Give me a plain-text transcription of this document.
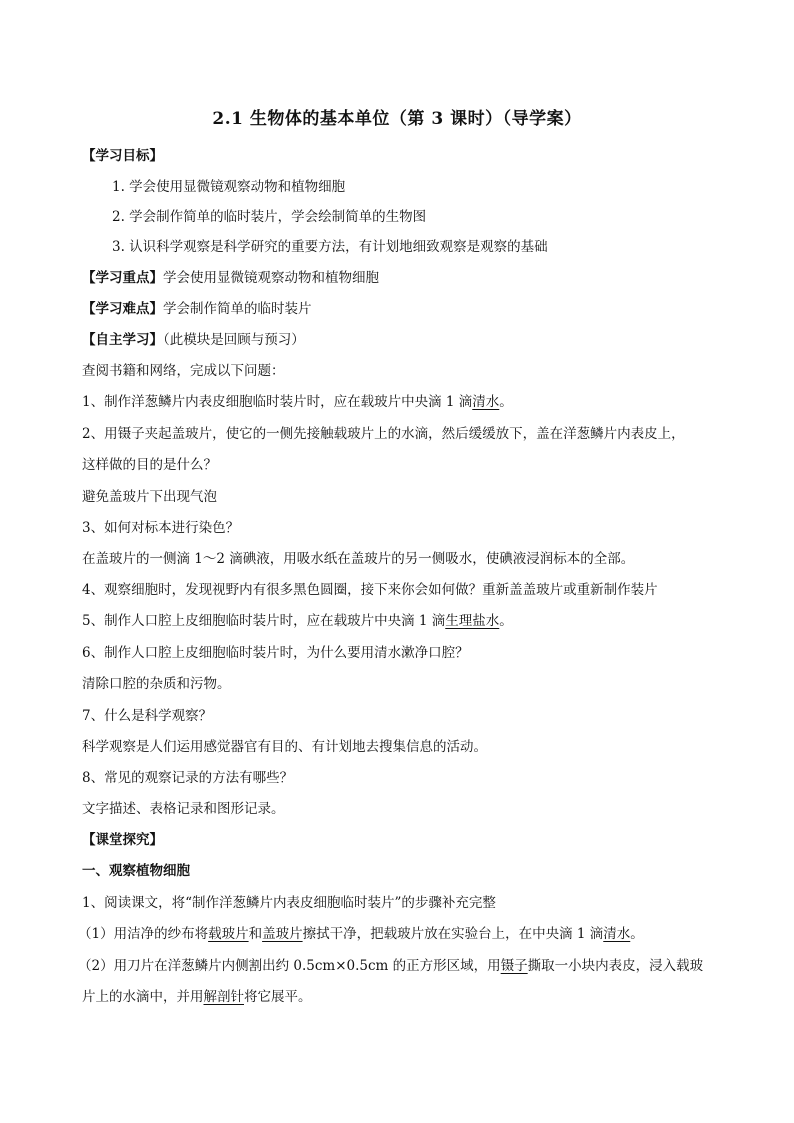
2.1 生物体的基本单位（第 3 课时）（导学案）
【学习目标】
1. 学会使用显微镜观察动物和植物细胞
2. 学会制作简单的临时装片，学会绘制简单的生物图
3. 认识科学观察是科学研究的重要方法，有计划地细致观察是观察的基础
【学习重点】学会使用显微镜观察动物和植物细胞
【学习难点】学会制作简单的临时装片
【自主学习】（此模块是回顾与预习）
查阅书籍和网络，完成以下问题：
1、制作洋葱鳞片内表皮细胞临时装片时，应在载玻片中央滴 1 滴清水。
2、用镊子夹起盖玻片，使它的一侧先接触载玻片上的水滴，然后缓缓放下，盖在洋葱鳞片内表皮上，
这样做的目的是什么？
避免盖玻片下出现气泡
3、如何对标本进行染色？
在盖玻片的一侧滴 1～2 滴碘液，用吸水纸在盖玻片的另一侧吸水，使碘液浸润标本的全部。
4、观察细胞时，发现视野内有很多黑色圆圈，接下来你会如何做？重新盖盖玻片或重新制作装片
5、制作人口腔上皮细胞临时装片时，应在载玻片中央滴 1 滴生理盐水。
6、制作人口腔上皮细胞临时装片时，为什么要用清水漱净口腔？
清除口腔的杂质和污物。
7、什么是科学观察？
科学观察是人们运用感觉器官有目的、有计划地去搜集信息的活动。
8、常见的观察记录的方法有哪些？
文字描述、表格记录和图形记录。
【课堂探究】
一、观察植物细胞
1、阅读课文，将“制作洋葱鳞片内表皮细胞临时装片”的步骤补充完整
（1）用洁净的纱布将载玻片和盖玻片擦拭干净，把载玻片放在实验台上，在中央滴 1 滴清水。
（2）用刀片在洋葱鳞片内侧割出约 0.5cm×0.5cm 的正方形区域，用镊子撕取一小块内表皮，浸入载玻
片上的水滴中，并用解剖针将它展平。
